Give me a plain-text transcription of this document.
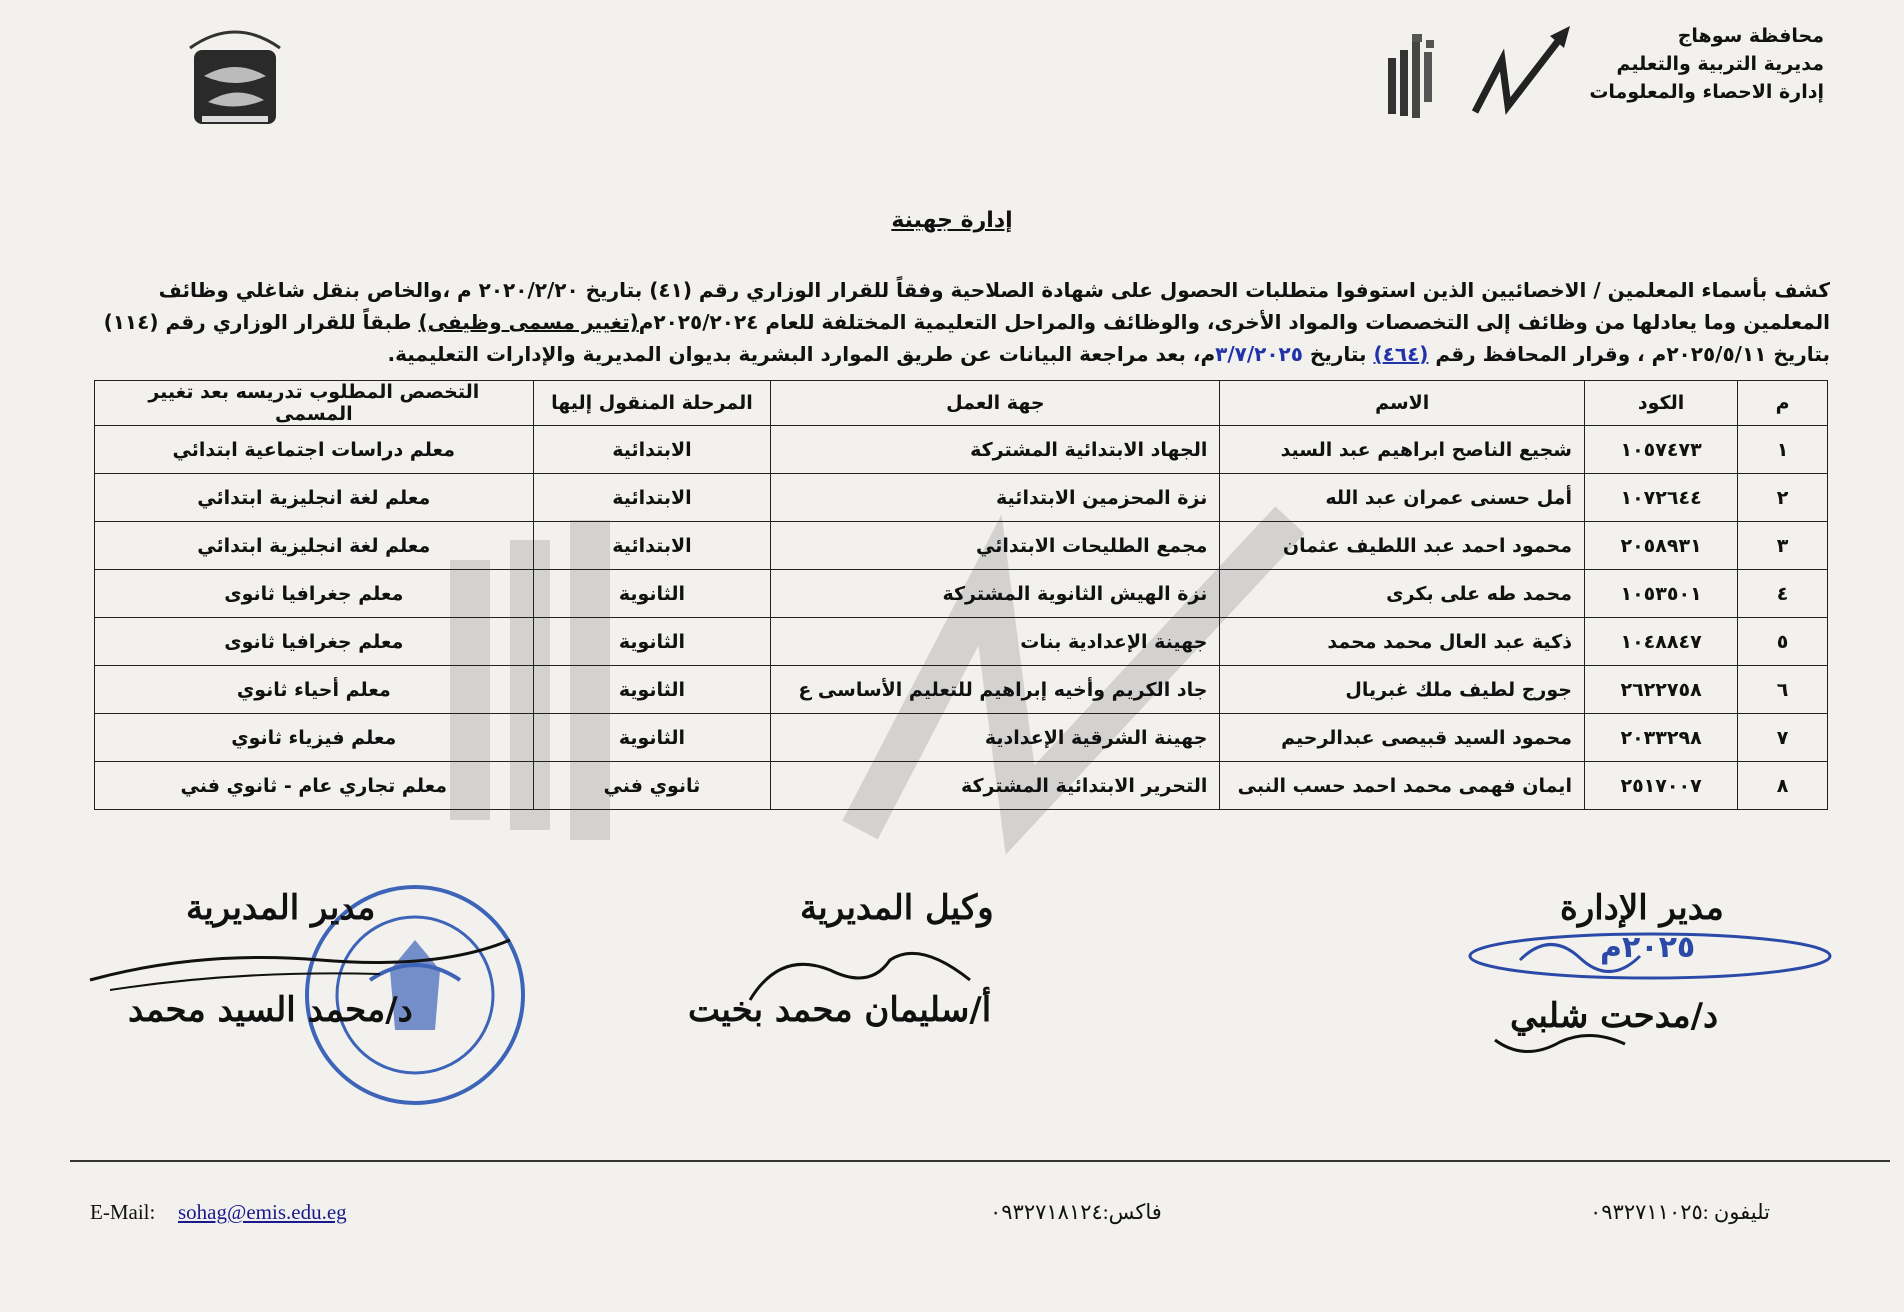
محافظة سوهاج
مديرية التربية والتعليم
إدارة الاحصاء والمعلومات
إدارة جهينة

كشف بأسماء المعلمين / الاخصائيين الذين استوفوا متطلبات الحصول على شهادة الصلاحية وفقاً للقرار الوزاري رقم (٤١) بتاريخ ٢٠٢٠/٢/٢٠ م ،والخاص بنقل شاغلي وظائف

المعلمين وما يعادلها من وظائف إلى التخصصات والمواد الأخرى، والوظائف والمراحل التعليمية المختلفة للعام ٢٠٢٥/٢٠٢٤م(تغيير مسمى وظيفى) طبقاً للقرار الوزاري رقم (١١٤)

بتاريخ ٢٠٢٥/٥/١١م ، وقرار المحافظ رقم (٤٦٤) بتاريخ ٣/٧/٢٠٢٥م، بعد مراجعة البيانات عن طريق الموارد البشرية بديوان المديرية والإدارات التعليمية.

م	الكود	الاسم	جهة العمل	المرحلة المنقول إليها	التخصص المطلوب تدريسه بعد تغيير المسمى
١	١٠٥٧٤٧٣	شجيع الناصح ابراهيم عبد السيد	الجهاد الابتدائية المشتركة	الابتدائية	معلم دراسات اجتماعية ابتدائي
٢	١٠٧٢٦٤٤	أمل حسنى عمران عبد الله	نزة المحزمين الابتدائية	الابتدائية	معلم لغة انجليزية ابتدائي
٣	٢٠٥٨٩٣١	محمود احمد عبد اللطيف عثمان	مجمع الطليحات الابتدائي	الابتدائية	معلم لغة انجليزية ابتدائي
٤	١٠٥٣٥٠١	محمد طه على بكرى	نزة الهيش الثانوية المشتركة	الثانوية	معلم جغرافيا ثانوى
٥	١٠٤٨٨٤٧	ذكية عبد العال محمد محمد	جهينة الإعدادية بنات	الثانوية	معلم جغرافيا ثانوى
٦	٢٦٢٢٧٥٨	جورج لطيف ملك غبريال	جاد الكريم وأخيه إبراهيم للتعليم الأساسى ع	الثانوية	معلم أحياء ثانوي
٧	٢٠٣٣٢٩٨	محمود السيد قبيصى عبدالرحيم	جهينة الشرقية الإعدادية	الثانوية	معلم فيزياء ثانوي
٨	٢٥١٧٠٠٧	ايمان فهمى محمد احمد حسب النبى	التحرير الابتدائية المشتركة	ثانوي فني	معلم تجاري عام - ثانوي فني
مدير الإدارة
٢٠٢٥م
د/مدحت شلبي
وكيل المديرية
أ/سليمان محمد بخيت
مدير المديرية
د/محمد السيد محمد
E-Mail: sohag@emis.edu.eg	فاكس:٠٩٣٢٧١٨١٢٤	تليفون :٠٩٣٢٧١١٠٢٥
